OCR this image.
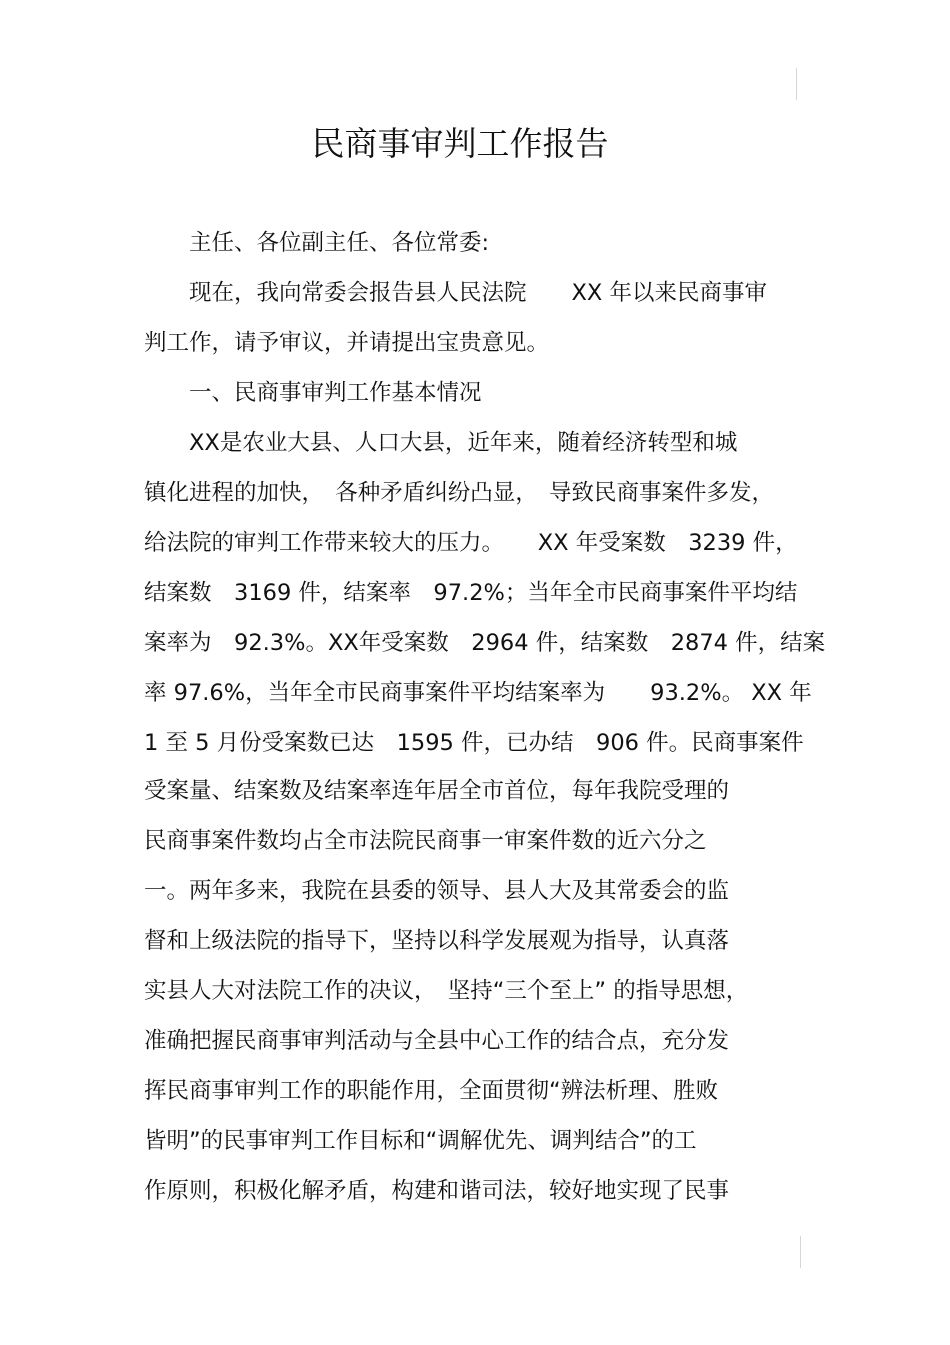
民商事审判工作报告

　　主任、各位副主任、各位常委:

　　现在，我向常委会报告县人民法院　　XX 年以来民商事审

判工作，请予审议，并请提出宝贵意见。

　　一、民商事审判工作基本情况

　　XX是农业大县、人口大县，近年来，随着经济转型和城

镇化进程的加快，　各种矛盾纠纷凸显，　导致民商事案件多发，

给法院的审判工作带来较大的压力。　　XX 年受案数　3239 件，

结案数　3169 件，结案率　97.2%；当年全市民商事案件平均结

案率为　92.3%。XX年受案数　2964 件，结案数　2874 件，结案

率 97.6%，当年全市民商事案件平均结案率为　　93.2%。 XX 年

1 至 5 月份受案数已达　1595 件，已办结　906 件。民商事案件

受案量、结案数及结案率连年居全市首位，每年我院受理的

民商事案件数均占全市法院民商事一审案件数的近六分之

一。两年多来，我院在县委的领导、县人大及其常委会的监

督和上级法院的指导下，坚持以科学发展观为指导，认真落

实县人大对法院工作的决议，　坚持“三个至上” 的指导思想，

准确把握民商事审判活动与全县中心工作的结合点，充分发

挥民商事审判工作的职能作用，全面贯彻“辨法析理、胜败

皆明”的民事审判工作目标和“调解优先、调判结合”的工

作原则，积极化解矛盾，构建和谐司法，较好地实现了民事
